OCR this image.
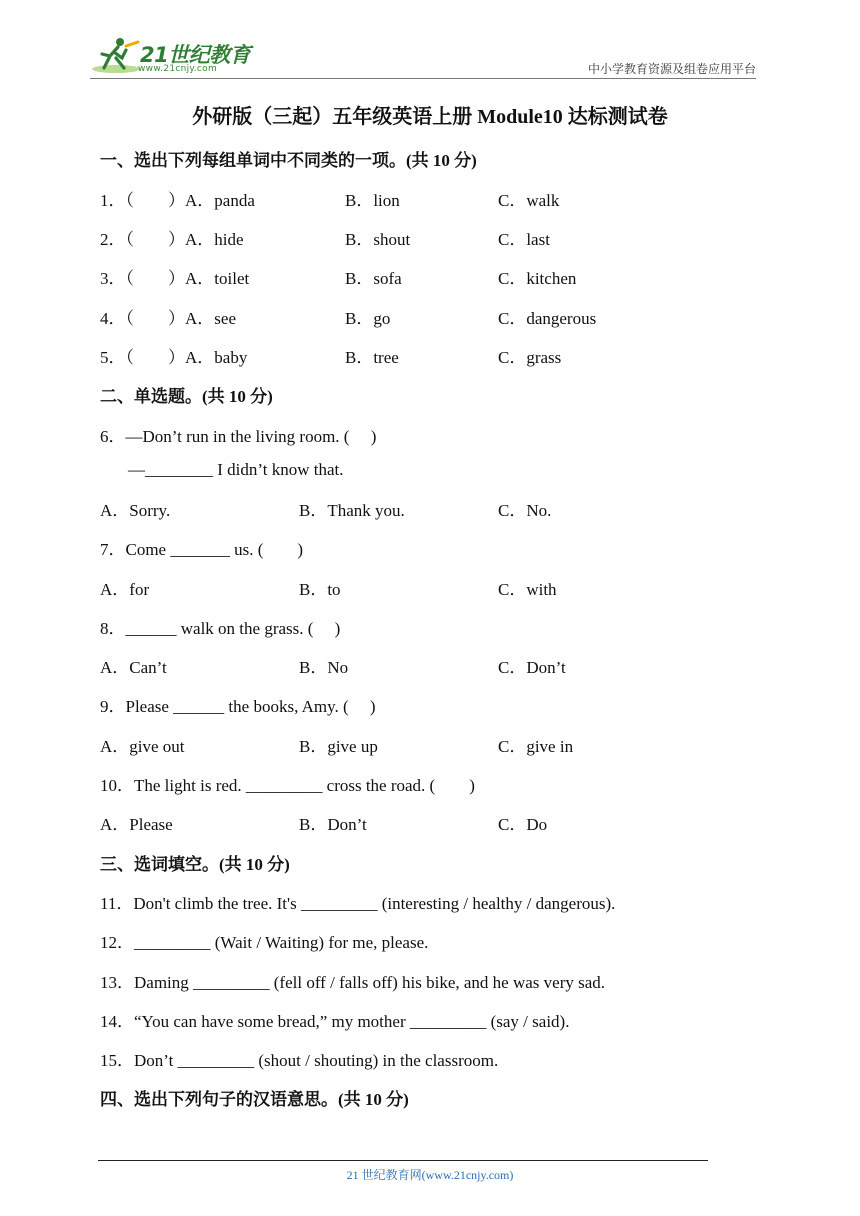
21世纪教育
www.21cnjy.com	中小学教育资源及组卷应用平台
外研版（三起）五年级英语上册 Module10 达标测试卷
一、选出下列每组单词中不同类的一项。(共 10 分)
1．（　　）A．panda	B．lion	C．walk
2．（　　）A．hide	B．shout	C．last
3．（　　）A．toilet	B．sofa	C．kitchen
4．（　　）A．see	B．go	C．dangerous
5．（　　）A．baby	B．tree	C．grass
二、单选题。(共 10 分)
6．—Don’t run in the living room. (　 )
—________ I didn’t know that.
A．Sorry.	B．Thank you.	C．No.
7．Come _______ us. (　　)
A．for	B．to	C．with
8．______ walk on the grass. (　 )
A．Can’t	B．No	C．Don’t
9．Please ______ the books, Amy. (　 )
A．give out	B．give up	C．give in
10．The light is red. _________ cross the road. (　　)
A．Please	B．Don’t	C．Do
三、选词填空。(共 10 分)
11．Don't climb the tree. It's _________ (interesting / healthy / dangerous).
12．_________ (Wait / Waiting) for me, please.
13．Daming _________ (fell off / falls off) his bike, and he was very sad.
14．“You can have some bread,” my mother _________ (say / said).
15．Don’t _________ (shout / shouting) in the classroom.
四、选出下列句子的汉语意思。(共 10 分)
21 世纪教育网(www.21cnjy.com)
